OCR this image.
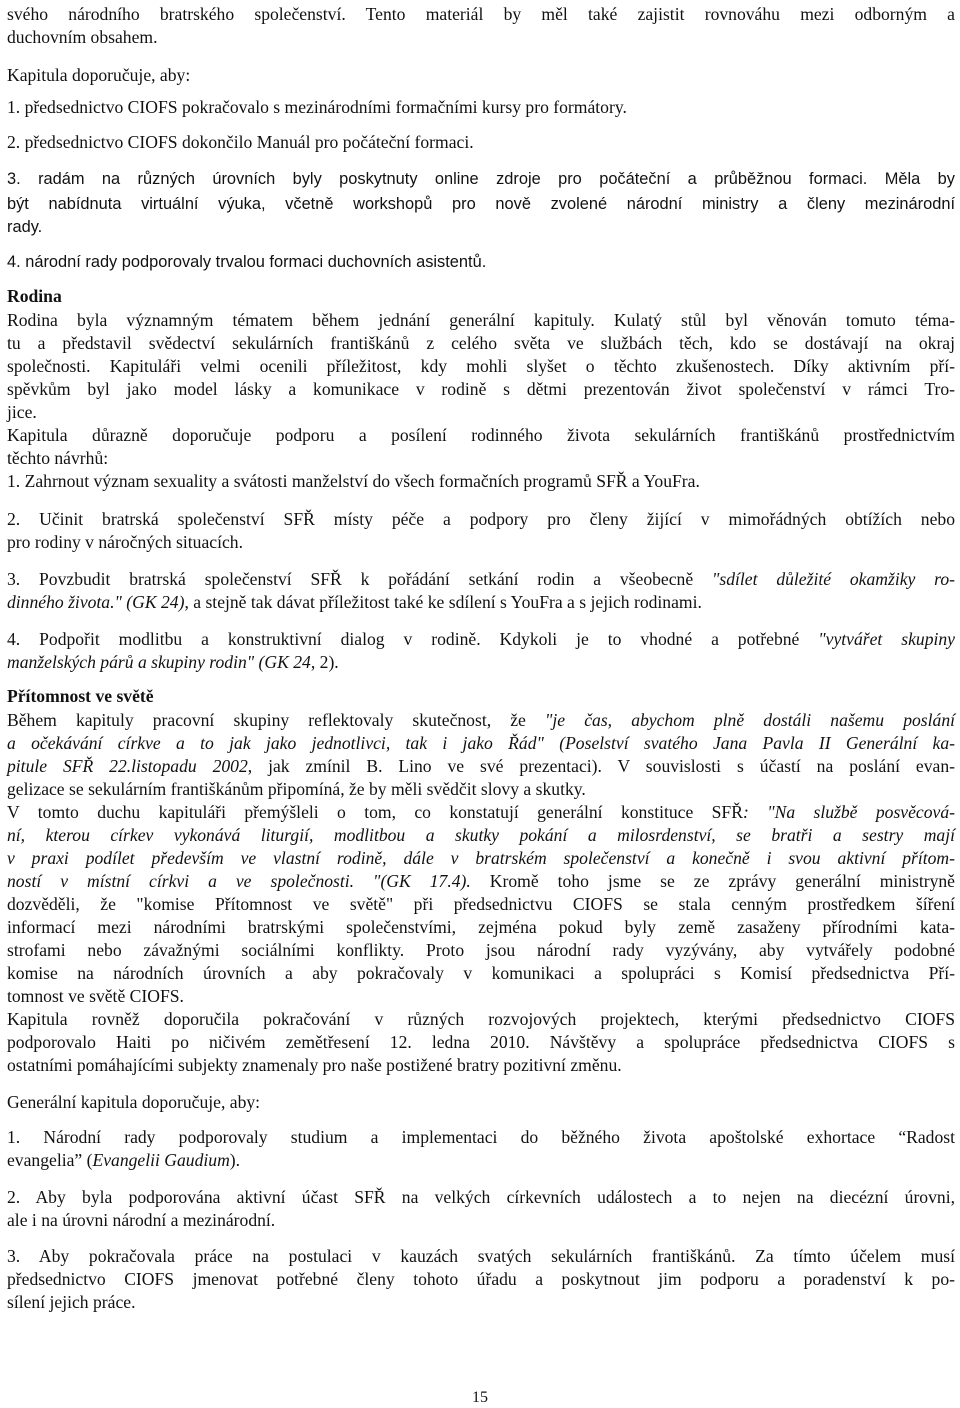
svého národního bratrského společenství. Tento materiál by měl také zajistit rovnováhu mezi odborným a
duchovním obsahem.
Kapitula doporučuje, aby:
1. předsednictvo CIOFS pokračovalo s mezinárodními formačními kursy pro formátory.
2. předsednictvo CIOFS dokončilo Manuál pro počáteční formaci.
3. radám na různých úrovních byly poskytnuty online zdroje pro počáteční a průběžnou formaci. Měla by
být nabídnuta virtuální výuka, včetně workshopů pro nově zvolené národní ministry a členy mezinárodní
rady.
4. národní rady podporovaly trvalou formaci duchovních asistentů.
Rodina
Rodina byla významným tématem během jednání generální kapituly. Kulatý stůl byl věnován tomuto téma-
tu a představil svědectví sekulárních františkánů z celého světa ve službách těch, kdo se dostávají na okraj
společnosti. Kapituláři velmi ocenili příležitost, kdy mohli slyšet o těchto zkušenostech. Díky aktivním pří-
spěvkům byl jako model lásky a komunikace v rodině s dětmi prezentován život společenství v rámci Tro-
jice.
Kapitula důrazně doporučuje podporu a posílení rodinného života sekulárních františkánů prostřednictvím
těchto návrhů:
1. Zahrnout význam sexuality a svátosti manželství do všech formačních programů SFŘ a YouFra.
2. Učinit bratrská společenství SFŘ místy péče a podpory pro členy žijící v mimořádných obtížích nebo
pro rodiny v náročných situacích.
3. Povzbudit bratrská společenství SFŘ k pořádání setkání rodin a všeobecně "sdílet důležité okamžiky ro-
dinného života." (GK 24), a stejně tak dávat příležitost také ke sdílení s YouFra a s jejich rodinami.
4. Podpořit modlitbu a konstruktivní dialog v rodině. Kdykoli je to vhodné a potřebné "vytvářet skupiny
manželských párů a skupiny rodin" (GK 24, 2).
Přítomnost ve světě
Během kapituly pracovní skupiny reflektovaly skutečnost, že "je čas, abychom plně dostáli našemu poslání
a očekávání církve a to jak jako jednotlivci, tak i jako Řád" (Poselství svatého Jana Pavla II Generální ka-
pitule SFŘ 22.listopadu 2002, jak zmínil B. Lino ve své prezentaci). V souvislosti s účastí na poslání evan-
gelizace se sekulárním františkánům připomíná, že by měli svědčit slovy a skutky.
V tomto duchu kapituláři přemýšleli o tom, co konstatují generální konstituce SFŘ: "Na službě posvěcová-
ní, kterou církev vykonává liturgií, modlitbou a skutky pokání a milosrdenství, se bratři a sestry mají
v praxi podílet především ve vlastní rodině, dále v bratrském společenství a konečně i svou aktivní přítom-
ností v místní církvi a ve společnosti. "(GK 17.4). Kromě toho jsme se ze zprávy generální ministryně
dozvěděli, že "komise Přítomnost ve světě" při předsednictvu CIOFS se stala cenným prostředkem šíření
informací mezi národními bratrskými společenstvími, zejména pokud byly země zasaženy přírodními kata-
strofami nebo závažnými sociálními konflikty. Proto jsou národní rady vyzývány, aby vytvářely podobné
komise na národních úrovních a aby pokračovaly v komunikaci a spolupráci s Komisí předsednictva Pří-
tomnost ve světě CIOFS.
Kapitula rovněž doporučila pokračování v různých rozvojových projektech, kterými předsednictvo CIOFS
podporovalo Haiti po ničivém zemětřesení 12. ledna 2010. Návštěvy a spolupráce předsednictva CIOFS s
ostatními pomáhajícími subjekty znamenaly pro naše postižené bratry pozitivní změnu.
Generální kapitula doporučuje, aby:
1. Národní rady podporovaly studium a implementaci do běžného života apoštolské exhortace “Radost
evangelia” (Evangelii Gaudium).
2. Aby byla podporována aktivní účast SFŘ na velkých církevních událostech a to nejen na diecézní úrovni,
ale i na úrovni národní a mezinárodní.
3. Aby pokračovala práce na postulaci v kauzách svatých sekulárních františkánů. Za tímto účelem musí
předsednictvo CIOFS jmenovat potřebné členy tohoto úřadu a poskytnout jim podporu a poradenství k po-
sílení jejich práce.
15
